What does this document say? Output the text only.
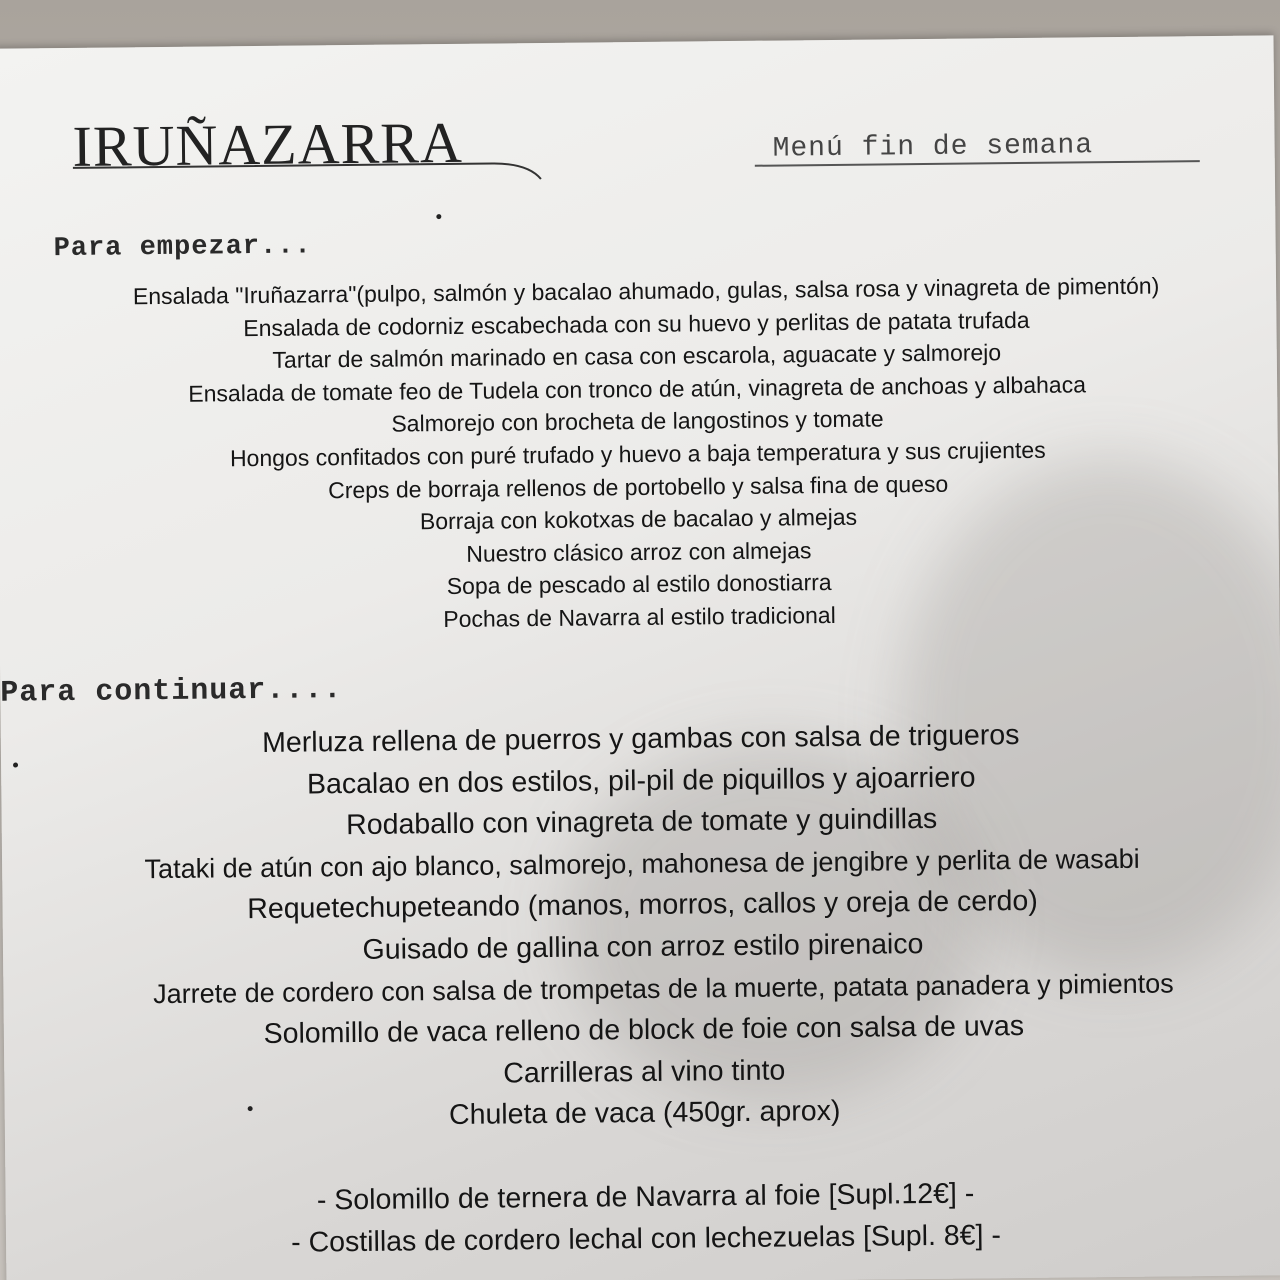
IRUÑAZARRA	Menú fin de semana
Para empezar...
Ensalada "Iruñazarra"(pulpo, salmón y bacalao ahumado, gulas, salsa rosa y vinagreta de pimentón)
Ensalada de codorniz escabechada con su huevo y perlitas de patata trufada
Tartar de salmón marinado en casa con escarola, aguacate y salmorejo
Ensalada de tomate feo de Tudela con tronco de atún, vinagreta de anchoas y albahaca
Salmorejo con brocheta de langostinos y tomate
Hongos confitados con puré trufado y huevo a baja temperatura y sus crujientes
Creps de borraja rellenos de portobello y salsa fina de queso
Borraja con kokotxas de bacalao y almejas
Nuestro clásico arroz con almejas
Sopa de pescado al estilo donostiarra
Pochas de Navarra al estilo tradicional
Para continuar....
Merluza rellena de puerros y gambas con salsa de trigueros
Bacalao en dos estilos, pil-pil de piquillos y ajoarriero
Rodaballo con vinagreta de tomate y guindillas
Tataki de atún con ajo blanco, salmorejo, mahonesa de jengibre y perlita de wasabi
Requetechupeteando (manos, morros, callos y oreja de cerdo)
Guisado de gallina con arroz estilo pirenaico
Jarrete de cordero con salsa de trompetas de la muerte, patata panadera y pimientos
Solomillo de vaca relleno de block de foie con salsa de uvas
Carrilleras al vino tinto
Chuleta de vaca (450gr. aprox)
- Solomillo de ternera de Navarra al foie [Supl.12€] -
- Costillas de cordero lechal con lechezuelas [Supl. 8€] -
